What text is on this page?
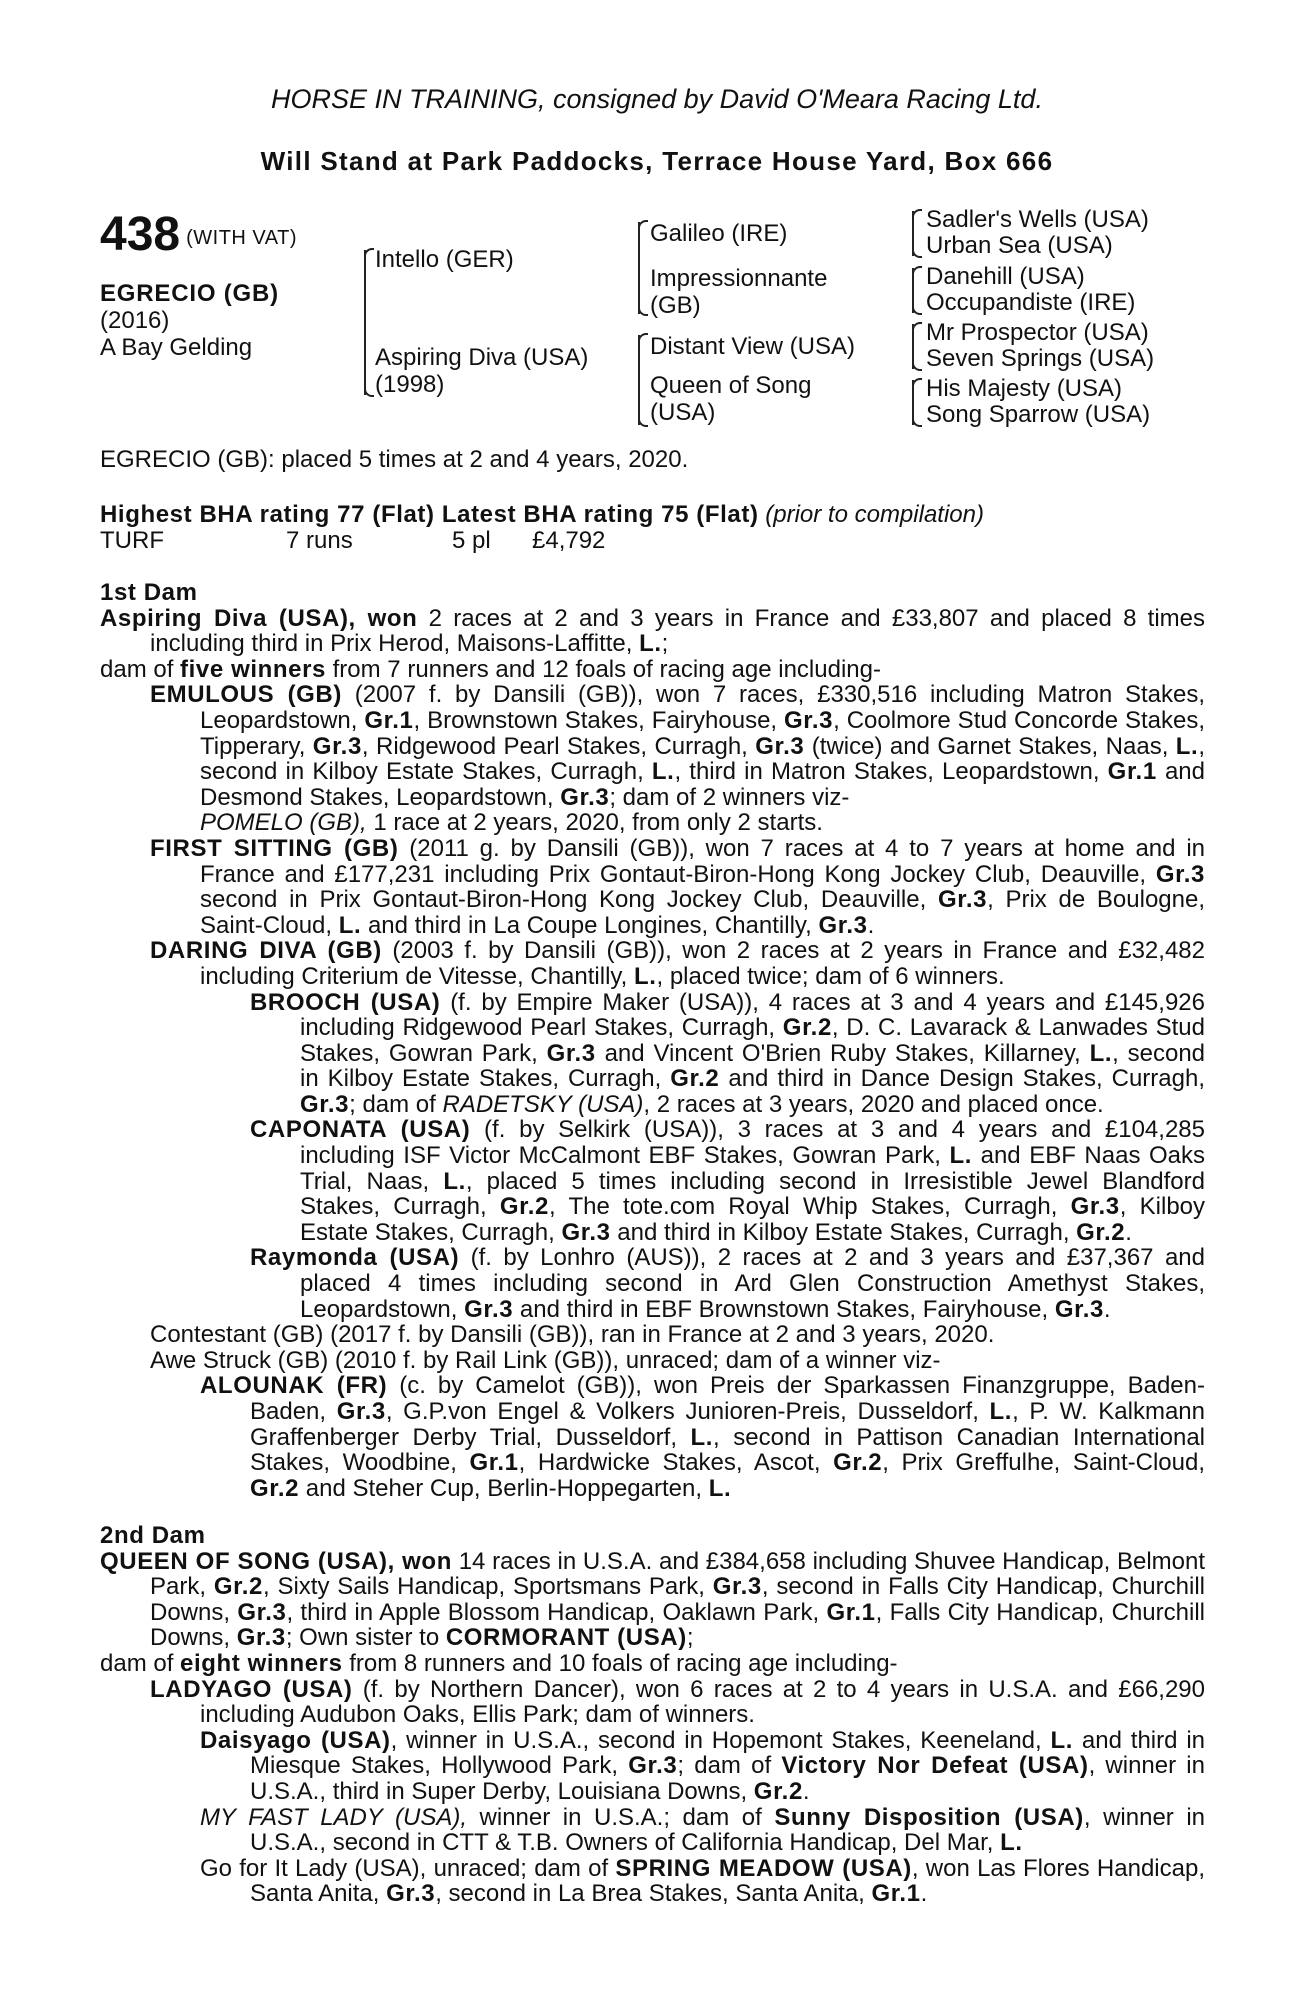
HORSE IN TRAINING, consigned by David O'Meara Racing Ltd.
Will Stand at Park Paddocks, Terrace House Yard, Box 666
438 (WITH VAT)
EGRECIO (GB)
(2016)
A Bay Gelding
Intello (GER)
Aspiring Diva (USA)
(1998)
Galileo (IRE)
Impressionnante
(GB)
Distant View (USA)
Queen of Song
(USA)
Sadler's Wells (USA)
Urban Sea (USA)
Danehill (USA)
Occupandiste (IRE)
Mr Prospector (USA)
Seven Springs (USA)
His Majesty (USA)
Song Sparrow (USA)

EGRECIO (GB): placed 5 times at 2 and 4 years, 2020.

Highest BHA rating 77 (Flat) Latest BHA rating 75 (Flat) (prior to compilation)

TURF	7 runs	5 pl £4,792

1st Dam

Aspiring Diva (USA), won 2 races at 2 and 3 years in France and £33,807 and placed 8 times including third in Prix Herod, Maisons-Laffitte, L.;

dam of five winners from 7 runners and 12 foals of racing age including-

EMULOUS (GB) (2007 f. by Dansili (GB)), won 7 races, £330,516 including Matron Stakes, Leopardstown, Gr.1, Brownstown Stakes, Fairyhouse, Gr.3, Coolmore Stud Concorde Stakes, Tipperary, Gr.3, Ridgewood Pearl Stakes, Curragh, Gr.3 (twice) and Garnet Stakes, Naas, L., second in Kilboy Estate Stakes, Curragh, L., third in Matron Stakes, Leopardstown, Gr.1 and Desmond Stakes, Leopardstown, Gr.3; dam of 2 winners viz-

POMELO (GB), 1 race at 2 years, 2020, from only 2 starts.

FIRST SITTING (GB) (2011 g. by Dansili (GB)), won 7 races at 4 to 7 years at home and in France and £177,231 including Prix Gontaut-Biron-Hong Kong Jockey Club, Deauville, Gr.3 second in Prix Gontaut-Biron-Hong Kong Jockey Club, Deauville, Gr.3, Prix de Boulogne, Saint-Cloud, L. and third in La Coupe Longines, Chantilly, Gr.3.

DARING DIVA (GB) (2003 f. by Dansili (GB)), won 2 races at 2 years in France and £32,482 including Criterium de Vitesse, Chantilly, L., placed twice; dam of 6 winners.

BROOCH (USA) (f. by Empire Maker (USA)), 4 races at 3 and 4 years and £145,926 including Ridgewood Pearl Stakes, Curragh, Gr.2, D. C. Lavarack & Lanwades Stud Stakes, Gowran Park, Gr.3 and Vincent O'Brien Ruby Stakes, Killarney, L., second in Kilboy Estate Stakes, Curragh, Gr.2 and third in Dance Design Stakes, Curragh, Gr.3; dam of RADETSKY (USA), 2 races at 3 years, 2020 and placed once.

CAPONATA (USA) (f. by Selkirk (USA)), 3 races at 3 and 4 years and £104,285 including ISF Victor McCalmont EBF Stakes, Gowran Park, L. and EBF Naas Oaks Trial, Naas, L., placed 5 times including second in Irresistible Jewel Blandford Stakes, Curragh, Gr.2, The tote.com Royal Whip Stakes, Curragh, Gr.3, Kilboy Estate Stakes, Curragh, Gr.3 and third in Kilboy Estate Stakes, Curragh, Gr.2.

Raymonda (USA) (f. by Lonhro (AUS)), 2 races at 2 and 3 years and £37,367 and placed 4 times including second in Ard Glen Construction Amethyst Stakes, Leopardstown, Gr.3 and third in EBF Brownstown Stakes, Fairyhouse, Gr.3.

Contestant (GB) (2017 f. by Dansili (GB)), ran in France at 2 and 3 years, 2020.

Awe Struck (GB) (2010 f. by Rail Link (GB)), unraced; dam of a winner viz-

ALOUNAK (FR) (c. by Camelot (GB)), won Preis der Sparkassen Finanzgruppe, Baden-Baden, Gr.3, G.P.von Engel & Volkers Junioren-Preis, Dusseldorf, L., P. W. Kalkmann Graffenberger Derby Trial, Dusseldorf, L., second in Pattison Canadian International Stakes, Woodbine, Gr.1, Hardwicke Stakes, Ascot, Gr.2, Prix Greffulhe, Saint-Cloud, Gr.2 and Steher Cup, Berlin-Hoppegarten, L.

2nd Dam

QUEEN OF SONG (USA), won 14 races in U.S.A. and £384,658 including Shuvee Handicap, Belmont Park, Gr.2, Sixty Sails Handicap, Sportsmans Park, Gr.3, second in Falls City Handicap, Churchill Downs, Gr.3, third in Apple Blossom Handicap, Oaklawn Park, Gr.1, Falls City Handicap, Churchill Downs, Gr.3; Own sister to CORMORANT (USA);

dam of eight winners from 8 runners and 10 foals of racing age including-

LADYAGO (USA) (f. by Northern Dancer), won 6 races at 2 to 4 years in U.S.A. and £66,290 including Audubon Oaks, Ellis Park; dam of winners.

Daisyago (USA), winner in U.S.A., second in Hopemont Stakes, Keeneland, L. and third in Miesque Stakes, Hollywood Park, Gr.3; dam of Victory Nor Defeat (USA), winner in U.S.A., third in Super Derby, Louisiana Downs, Gr.2.

MY FAST LADY (USA), winner in U.S.A.; dam of Sunny Disposition (USA), winner in U.S.A., second in CTT & T.B. Owners of California Handicap, Del Mar, L.

Go for It Lady (USA), unraced; dam of SPRING MEADOW (USA), won Las Flores Handicap, Santa Anita, Gr.3, second in La Brea Stakes, Santa Anita, Gr.1.
